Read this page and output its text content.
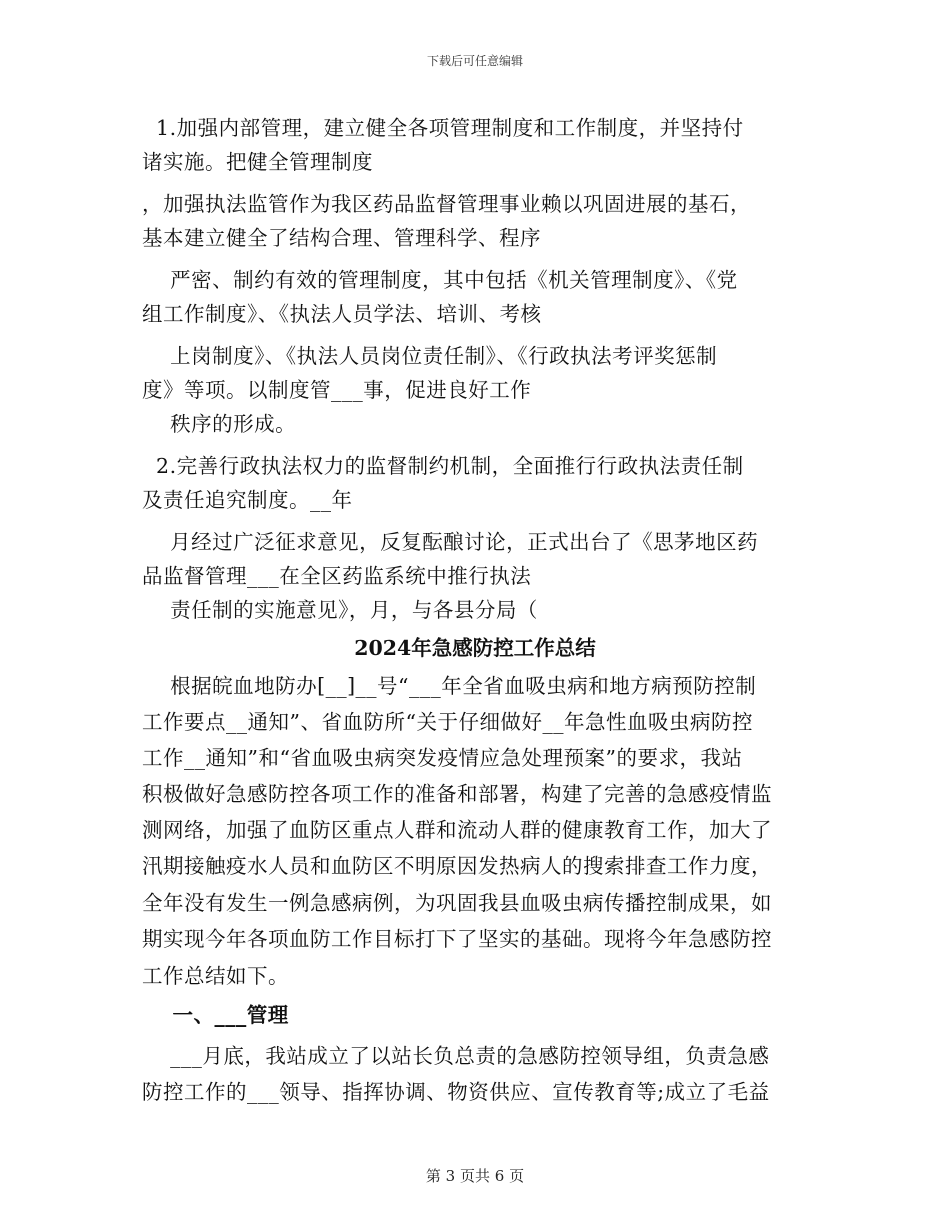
下载后可任意编辑
1.加强内部管理，建立健全各项管理制度和工作制度，并坚持付
诸实施。把健全管理制度
，加强执法监管作为我区药品监督管理事业赖以巩固进展的基石，
基本建立健全了结构合理、管理科学、程序
严密、制约有效的管理制度，其中包括《机关管理制度》、《党
组工作制度》、《执法人员学法、培训、考核
上岗制度》、《执法人员岗位责任制》、《行政执法考评奖惩制
度》等项。以制度管___事，促进良好工作
秩序的形成。
2.完善行政执法权力的监督制约机制，全面推行行政执法责任制
及责任追究制度。__年
月经过广泛征求意见，反复酝酿讨论，正式出台了《思茅地区药
品监督管理___在全区药监系统中推行执法
责任制的实施意见》，月，与各县分局（
2024年急感防控工作总结
根据皖血地防办[__]__号“___年全省血吸虫病和地方病预防控制
工作要点__通知”、省血防所“关于仔细做好__年急性血吸虫病防控
工作__通知”和“省血吸虫病突发疫情应急处理预案”的要求，我站
积极做好急感防控各项工作的准备和部署，构建了完善的急感疫情监
测网络，加强了血防区重点人群和流动人群的健康教育工作，加大了
汛期接触疫水人员和血防区不明原因发热病人的搜索排查工作力度，
全年没有发生一例急感病例，为巩固我县血吸虫病传播控制成果，如
期实现今年各项血防工作目标打下了坚实的基础。现将今年急感防控
工作总结如下。
一、___管理
___月底，我站成立了以站长负总责的急感防控领导组，负责急感
防控工作的___领导、指挥协调、物资供应、宣传教育等;成立了毛益
第 3 页共 6 页
